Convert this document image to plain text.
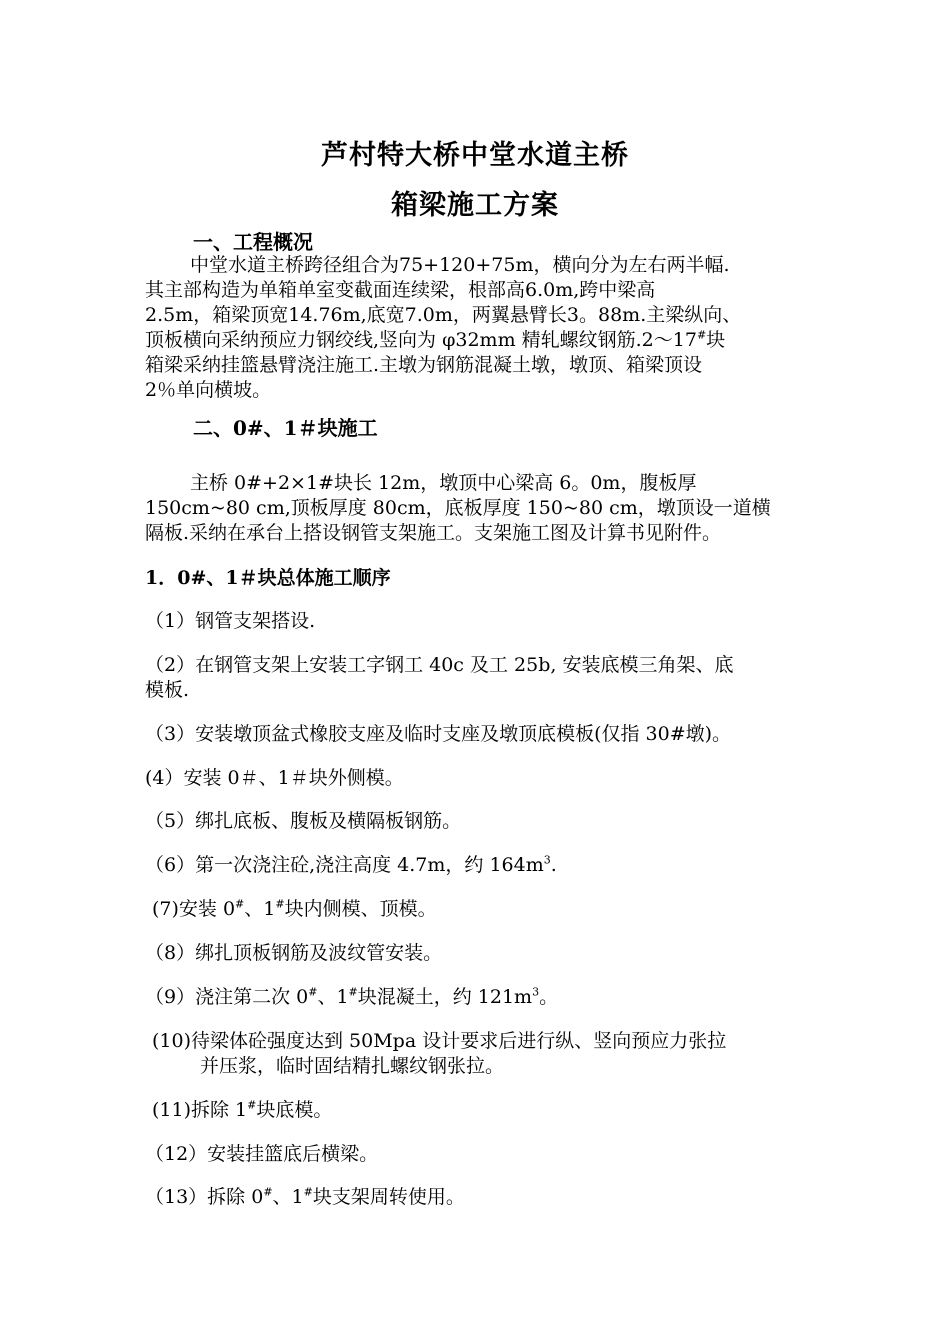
芦村特大桥中堂水道主桥
箱梁施工方案
一、工程概况
中堂水道主桥跨径组合为75+120+75m，横向分为左右两半幅.
其主部构造为单箱单室变截面连续梁，根部高6.0m,跨中梁高
2.5m，箱梁顶宽14.76m,底宽7.0m，两翼悬臂长3。88m.主梁纵向、
顶板横向采纳预应力钢绞线,竖向为 φ32mm 精轧螺纹钢筋.2～17#块
箱梁采纳挂篮悬臂浇注施工.主墩为钢筋混凝土墩，墩顶、箱梁顶设
2％单向横坡。
二、0#、1＃块施工
主桥 0#+2×1#块长 12m，墩顶中心梁高 6。0m，腹板厚
150cm~80 cm,顶板厚度 80cm，底板厚度 150~80 cm，墩顶设一道横
隔板.采纳在承台上搭设钢管支架施工。支架施工图及计算书见附件。
1．0#、1＃块总体施工顺序
（1）钢管支架搭设.
（2）在钢管支架上安装工字钢工 40c 及工 25b, 安装底模三角架、底
模板.
（3）安装墩顶盆式橡胶支座及临时支座及墩顶底模板(仅指 30#墩)。
(4）安装 0＃、1＃块外侧模。
（5）绑扎底板、腹板及横隔板钢筋。
（6）第一次浇注砼,浇注高度 4.7m，约 $164m^3$.
(7)安装 0#、1#块内侧模、顶模。
（8）绑扎顶板钢筋及波纹管安装。
（9）浇注第二次 0#、1#块混凝土，约 $121m^3$。
(10)待梁体砼强度达到 50Mpa 设计要求后进行纵、竖向预应力张拉
并压浆，临时固结精扎螺纹钢张拉。
(11)拆除 1#块底模。
（12）安装挂篮底后横梁。
（13）拆除 0#、1#块支架周转使用。
